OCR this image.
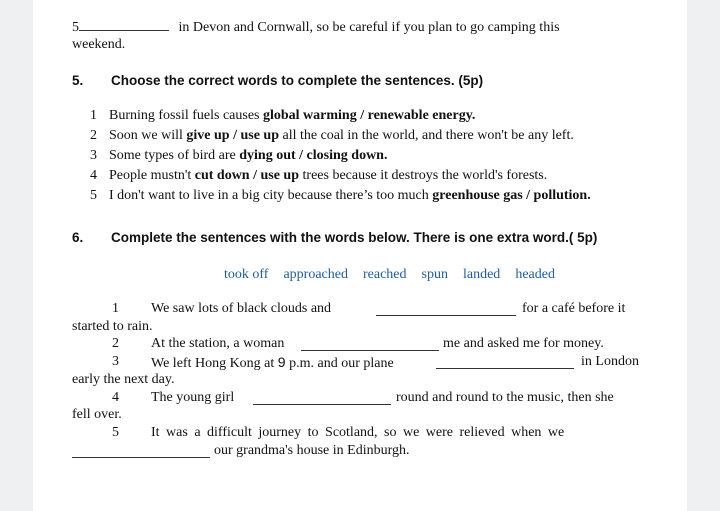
5	in Devon and Cornwall, so be careful if you plan to go camping this
weekend.
5. Choose the correct words to complete the sentences. (5p)
1 Burning fossil fuels causes global warming / renewable energy.
2 Soon we will give up / use up all the coal in the world, and there won't be any left.
3 Some types of bird are dying out / closing down.
4 People mustn't cut down / use up trees because it destroys the world's forests.
5 I don't want to live in a big city because there’s too much greenhouse gas / pollution.
6. Complete the sentences with the words below. There is one extra word.( 5p)
took off approached reached spun landed headed
1 We saw lots of black clouds and	for a café before it
started to rain.
2 At the station, a woman	me and asked me for money.
3 We left Hong Kong at 9 p.m. and our plane	in London
early the next day.
4 The young girl	round and round to the music, then she
fell over.
5 It was a difficult journey to Scotland, so we were relieved when we
our grandma's house in Edinburgh.
